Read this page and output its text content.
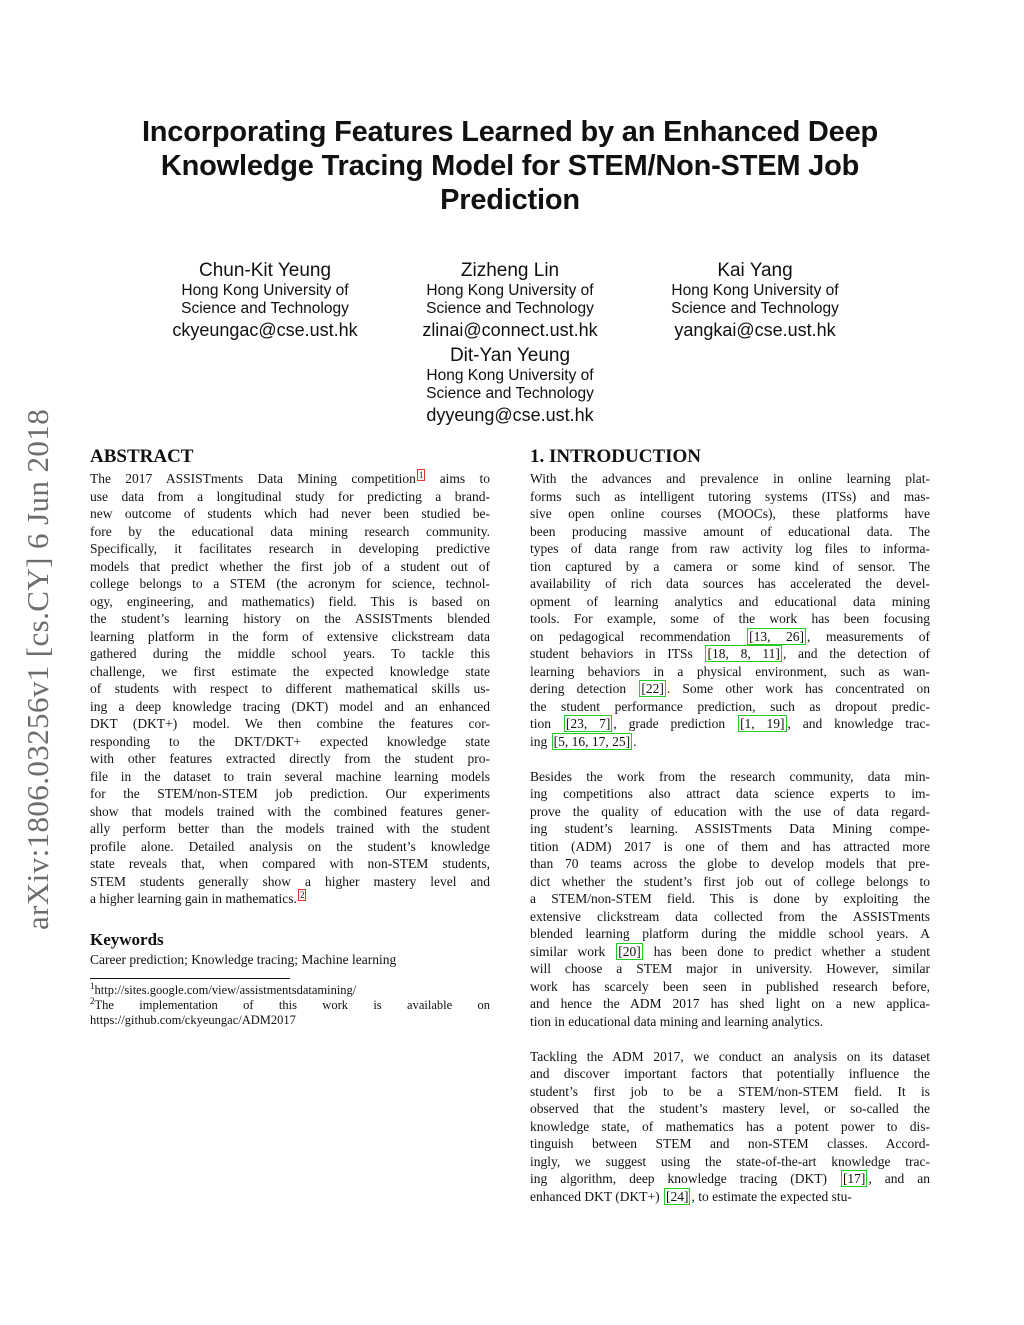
Incorporating Features Learned by an Enhanced Deep
Knowledge Tracing Model for STEM/Non-STEM Job
Prediction
Chun-Kit Yeung
Hong Kong University of
Science and Technology
ckyeungac@cse.ust.hk
Zizheng Lin
Hong Kong University of
Science and Technology
zlinai@connect.ust.hk
Kai Yang
Hong Kong University of
Science and Technology
yangkai@cse.ust.hk
Dit-Yan Yeung
Hong Kong University of
Science and Technology
dyyeung@cse.ust.hk
arXiv:1806.03256v1 [cs.CY] 6 Jun 2018 ABSTRACT
The 2017 ASSISTments Data Mining competition $^1$ aims to
use data from a longitudinal study for predicting a brand-
new outcome of students which had never been studied be-
fore by the educational data mining research community.
Specifically, it facilitates research in developing predictive
models that predict whether the first job of a student out of
college belongs to a STEM (the acronym for science, technol-
ogy, engineering, and mathematics) field. This is based on
the student’s learning history on the ASSISTments blended
learning platform in the form of extensive clickstream data
gathered during the middle school years. To tackle this
challenge, we first estimate the expected knowledge state
of students with respect to different mathematical skills us-
ing a deep knowledge tracing (DKT) model and an enhanced
DKT (DKT+) model. We then combine the features cor-
responding to the DKT/DKT+ expected knowledge state
with other features extracted directly from the student pro-
file in the dataset to train several machine learning models
for the STEM/non-STEM job prediction. Our experiments
show that models trained with the combined features gener-
ally perform better than the models trained with the student
profile alone. Detailed analysis on the student’s knowledge
state reveals that, when compared with non-STEM students,
STEM students generally show a higher mastery level and
a higher learning gain in mathematics. $^2$
Keywords
Career prediction; Knowledge tracing; Machine learning
$^1$http://sites.google.com/view/assistmentsdatamining/
$^2$The   implementation   of   this   work   is   available   on
https://github.com/ckyeungac/ADM2017
1. INTRODUCTION
With the advances and prevalence in online learning plat-
forms such as intelligent tutoring systems (ITSs) and mas-
sive open online courses (MOOCs), these platforms have
been producing massive amount of educational data. The
types of data range from raw activity log files to informa-
tion captured by a camera or some kind of sensor. The
availability of rich data sources has accelerated the devel-
opment of learning analytics and educational data mining
tools. For example, some of the work has been focusing
on pedagogical recommendation [13, 26] , measurements of
student behaviors in ITSs [18, 8, 11] , and the detection of
learning behaviors in a physical environment, such as wan-
dering detection [22] . Some other work has concentrated on
the student performance prediction, such as dropout predic-
tion [23, 7] , grade prediction [1, 19] , and knowledge trac-
ing [5, 16, 17, 25] .
Besides the work from the research community, data min-
ing competitions also attract data science experts to im-
prove the quality of education with the use of data regard-
ing student’s learning. ASSISTments Data Mining compe-
tition (ADM) 2017 is one of them and has attracted more
than 70 teams across the globe to develop models that pre-
dict whether the student’s first job out of college belongs to
a STEM/non-STEM field. This is done by exploiting the
extensive clickstream data collected from the ASSISTments
blended learning platform during the middle school years. A
similar work [20] has been done to predict whether a student
will choose a STEM major in university. However, similar
work has scarcely been seen in published research before,
and hence the ADM 2017 has shed light on a new applica-
tion in educational data mining and learning analytics.
Tackling the ADM 2017, we conduct an analysis on its dataset
and discover important factors that potentially influence the
student’s first job to be a STEM/non-STEM field. It is
observed that the student’s mastery level, or so-called the
knowledge state, of mathematics has a potent power to dis-
tinguish between STEM and non-STEM classes. Accord-
ingly, we suggest using the state-of-the-art knowledge trac-
ing algorithm, deep knowledge tracing (DKT) [17] , and an
enhanced DKT (DKT+) [24] , to estimate the expected stu-
